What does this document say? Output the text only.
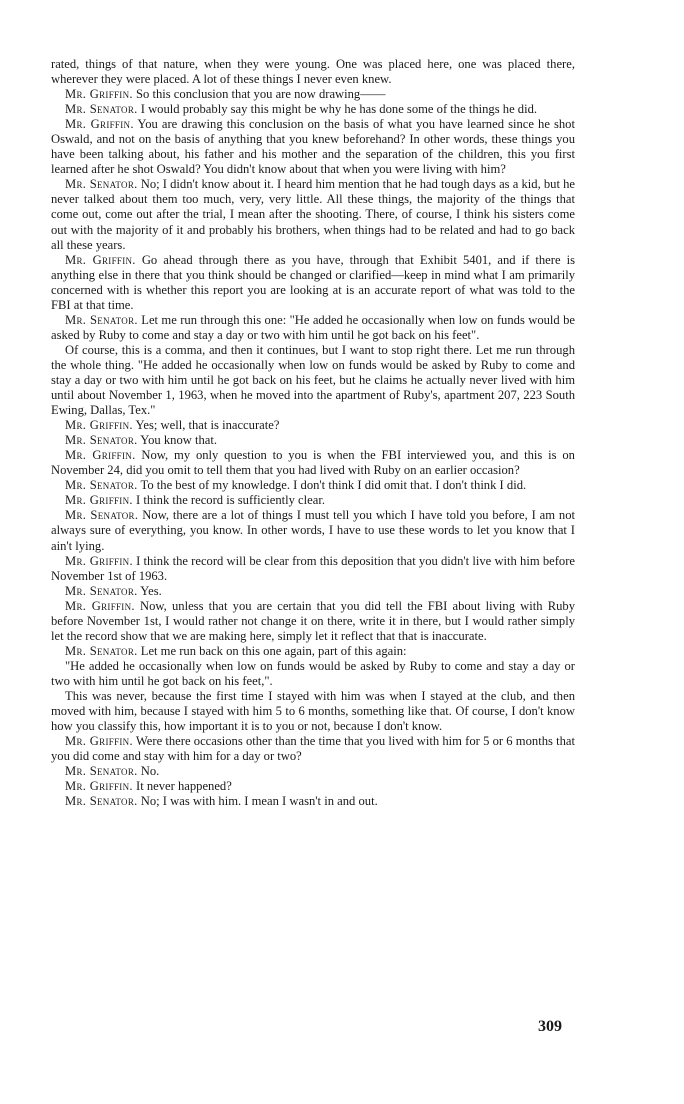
rated, things of that nature, when they were young. One was placed here, one was placed there, wherever they were placed. A lot of these things I never even knew.

Mr. Griffin. So this conclusion that you are now drawing——

Mr. Senator. I would probably say this might be why he has done some of the things he did.

Mr. Griffin. You are drawing this conclusion on the basis of what you have learned since he shot Oswald, and not on the basis of anything that you knew beforehand? In other words, these things you have been talking about, his father and his mother and the separation of the children, this you first learned after he shot Oswald? You didn't know about that when you were living with him?

Mr. Senator. No; I didn't know about it. I heard him mention that he had tough days as a kid, but he never talked about them too much, very, very little. All these things, the majority of the things that come out, come out after the trial, I mean after the shooting. There, of course, I think his sisters come out with the majority of it and probably his brothers, when things had to be related and had to go back all these years.

Mr. Griffin. Go ahead through there as you have, through that Exhibit 5401, and if there is anything else in there that you think should be changed or clarified—keep in mind what I am primarily concerned with is whether this report you are looking at is an accurate report of what was told to the FBI at that time.

Mr. Senator. Let me run through this one: "He added he occasionally when low on funds would be asked by Ruby to come and stay a day or two with him until he got back on his feet".

Of course, this is a comma, and then it continues, but I want to stop right there. Let me run through the whole thing. "He added he occasionally when low on funds would be asked by Ruby to come and stay a day or two with him until he got back on his feet, but he claims he actually never lived with him until about November 1, 1963, when he moved into the apartment of Ruby's, apartment 207, 223 South Ewing, Dallas, Tex."

Mr. Griffin. Yes; well, that is inaccurate?

Mr. Senator. You know that.

Mr. Griffin. Now, my only question to you is when the FBI interviewed you, and this is on November 24, did you omit to tell them that you had lived with Ruby on an earlier occasion?

Mr. Senator. To the best of my knowledge. I don't think I did omit that. I don't think I did.

Mr. Griffin. I think the record is sufficiently clear.

Mr. Senator. Now, there are a lot of things I must tell you which I have told you before, I am not always sure of everything, you know. In other words, I have to use these words to let you know that I ain't lying.

Mr. Griffin. I think the record will be clear from this deposition that you didn't live with him before November 1st of 1963.

Mr. Senator. Yes.

Mr. Griffin. Now, unless that you are certain that you did tell the FBI about living with Ruby before November 1st, I would rather not change it on there, write it in there, but I would rather simply let the record show that we are making here, simply let it reflect that that is inaccurate.

Mr. Senator. Let me run back on this one again, part of this again:

"He added he occasionally when low on funds would be asked by Ruby to come and stay a day or two with him until he got back on his feet,".

This was never, because the first time I stayed with him was when I stayed at the club, and then moved with him, because I stayed with him 5 to 6 months, something like that. Of course, I don't know how you classify this, how important it is to you or not, because I don't know.

Mr. Griffin. Were there occasions other than the time that you lived with him for 5 or 6 months that you did come and stay with him for a day or two?

Mr. Senator. No.

Mr. Griffin. It never happened?

Mr. Senator. No; I was with him. I mean I wasn't in and out.

309
